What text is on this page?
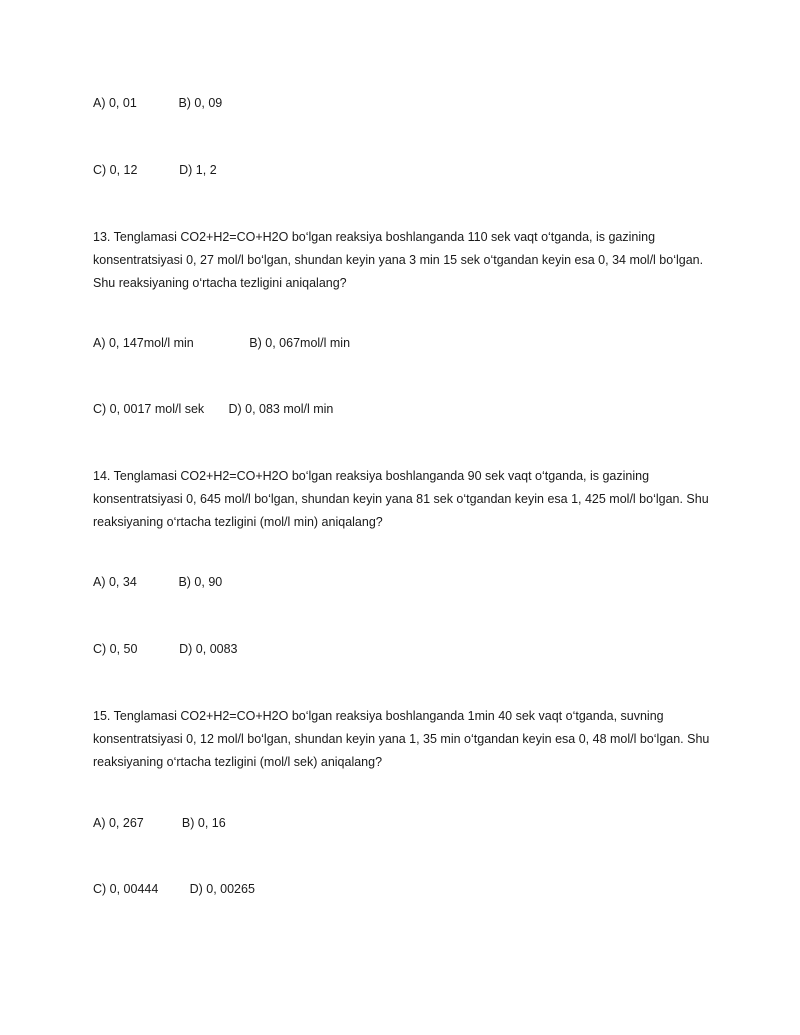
A) 0, 01            B) 0, 09

C) 0, 12            D) 1, 2

13. Tenglamasi CO2+H2=CO+H2O bo‘lgan reaksiya boshlanganda 110 sek vaqt o‘tganda, is gazining konsentratsiyasi 0, 27 mol/l bo‘lgan, shundan keyin yana 3 min 15 sek o‘tgandan keyin esa 0, 34 mol/l bo‘lgan. Shu reaksiyaning o‘rtacha tezligini aniqalang?

A) 0, 147mol/l min                B) 0, 067mol/l min

C) 0, 0017 mol/l sek       D) 0, 083 mol/l min

14. Tenglamasi CO2+H2=CO+H2O bo‘lgan reaksiya boshlanganda 90 sek vaqt o‘tganda, is gazining konsentratsiyasi 0, 645 mol/l bo‘lgan, shundan keyin yana 81 sek o‘tgandan keyin esa 1, 425 mol/l bo‘lgan. Shu reaksiyaning o‘rtacha tezligini (mol/l min) aniqalang?

A) 0, 34            B) 0, 90

C) 0, 50            D) 0, 0083

15. Tenglamasi CO2+H2=CO+H2O bo‘lgan reaksiya boshlanganda 1min 40 sek vaqt o‘tganda, suvning konsentratsiyasi 0, 12 mol/l bo‘lgan, shundan keyin yana 1, 35 min o‘tgandan keyin esa 0, 48 mol/l bo‘lgan. Shu reaksiyaning o‘rtacha tezligini (mol/l sek) aniqalang?

A) 0, 267           B) 0, 16

C) 0, 00444         D) 0, 00265
